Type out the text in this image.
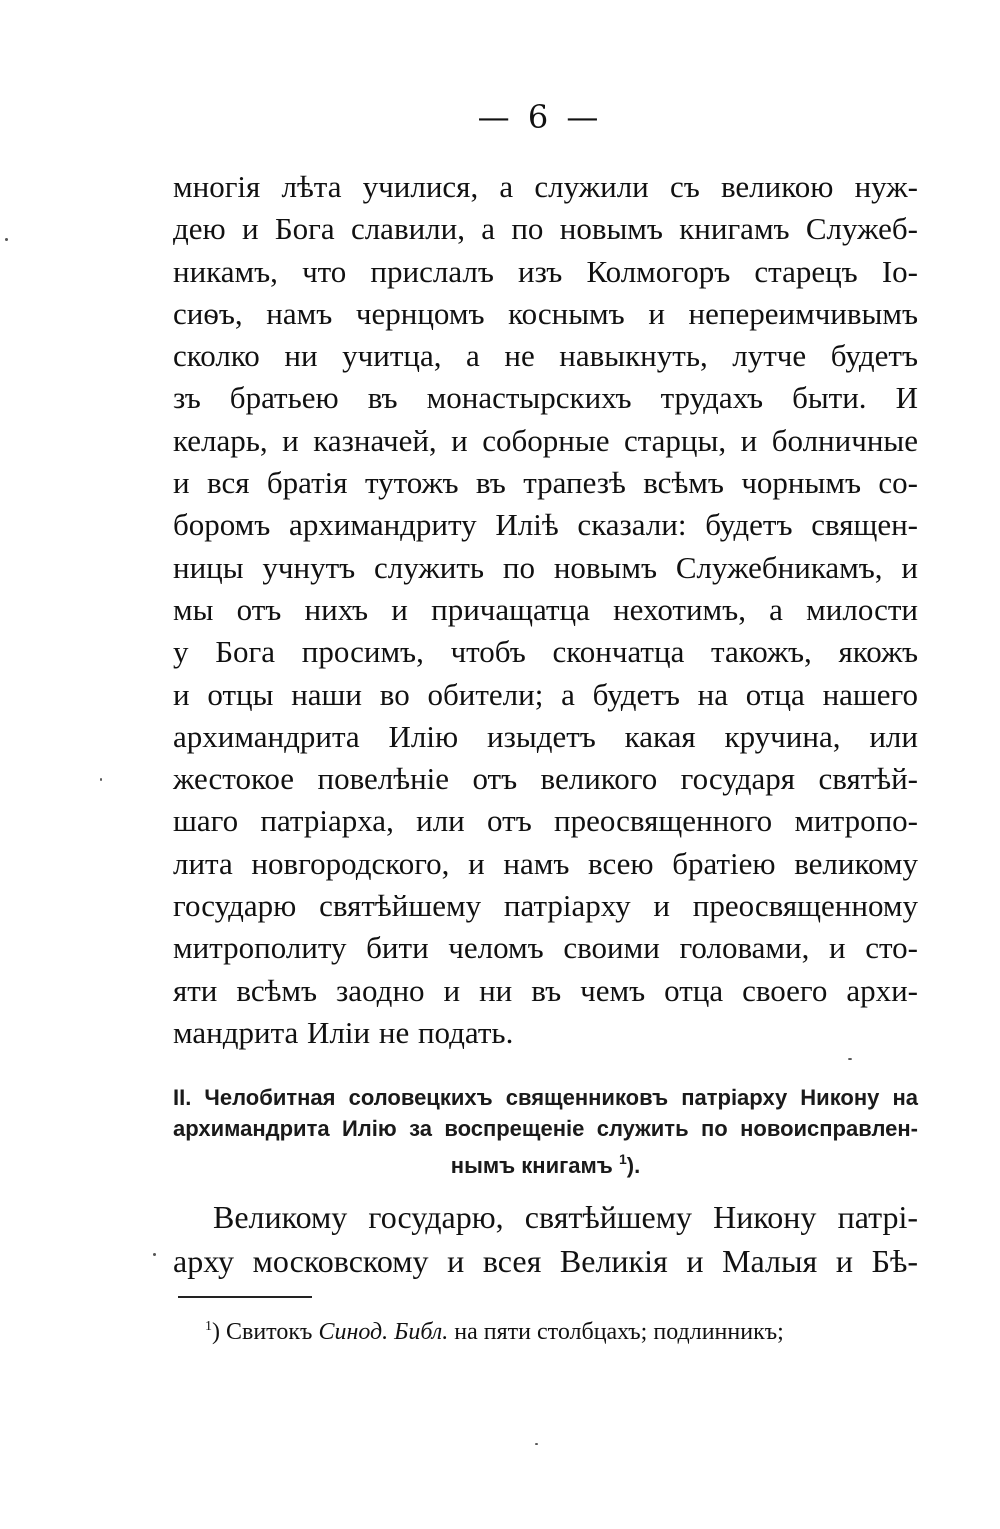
— 6 —
многія лѣта училися, а служили съ великою нуж-
дею и Бога славили, а по новымъ книгамъ Служеб-
никамъ, что прислалъ изъ Колмогоръ старецъ Іо-
сиѳъ, намъ чернцомъ коснымъ и непереимчивымъ
сколко ни учитца, а не навыкнуть, лутче будетъ
зъ братьею въ монастырскихъ трудахъ быти. И
келарь, и казначей, и соборные старцы, и болничные
и вся братія тутожъ въ трапезѣ всѣмъ чорнымъ со-
боромъ архимандриту Иліѣ сказали: будетъ священ-
ницы учнутъ служить по новымъ Служебникамъ, и
мы отъ нихъ и причащатца нехотимъ, а милости
у Бога просимъ, чтобъ скончатца такожъ, якожъ
и отцы наши во обители; а будетъ на отца нашего
архимандрита Илію изыдетъ какая кручина, или
жестокое повелѣніе отъ великого государя святѣй-
шаго патріарха, или отъ преосвященного митропо-
лита новгородского, и намъ всею братіею великому
государю святѣйшему патріарху и преосвященному
митрополиту бити челомъ своими головами, и сто-
яти всѣмъ заодно и ни въ чемъ отца своего архи-
мандрита Иліи не подать.
II. Челобитная соловецкихъ священниковъ патріарху Никону на
архимандрита Илію за воспрещеніе служить по новоисправлен-
нымъ книгамъ $^1$).
Великому государю, святѣйшему Никону патрі-
арху московскому и всея Великія и Малыя и Бѣ-
$^1$) Свитокъ Синод. Библ. на пяти столбцахъ; подлинникъ;
